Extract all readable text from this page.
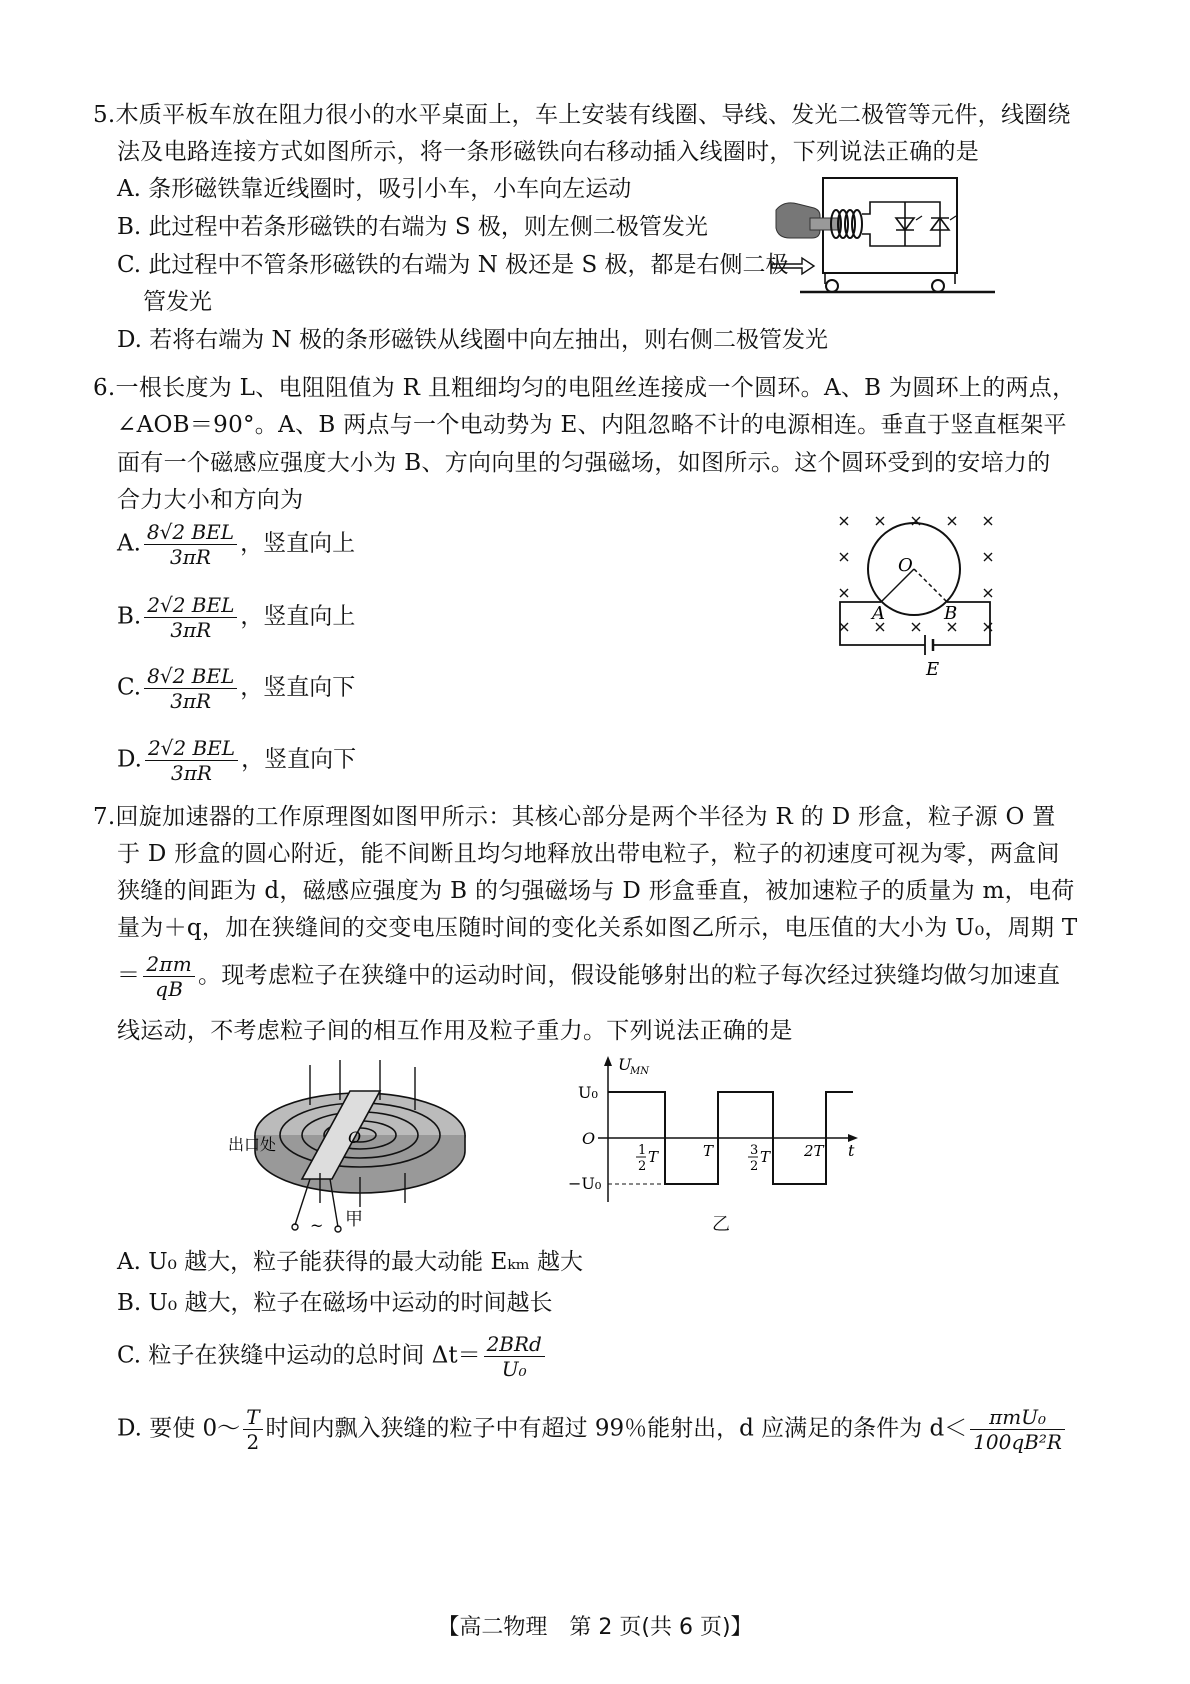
5.木质平板车放在阻力很小的水平桌面上，车上安装有线圈、导线、发光二极管等元件，线圈绕
法及电路连接方式如图所示，将一条形磁铁向右移动插入线圈时，下列说法正确的是
A. 条形磁铁靠近线圈时，吸引小车，小车向左运动
B. 此过程中若条形磁铁的右端为 S 极，则左侧二极管发光
C. 此过程中不管条形磁铁的右端为 N 极还是 S 极，都是右侧二极
管发光
D. 若将右端为 N 极的条形磁铁从线圈中向左抽出，则右侧二极管发光
6.一根长度为 L、电阻阻值为 R 且粗细均匀的电阻丝连接成一个圆环。A、B 为圆环上的两点，
∠AOB＝90°。A、B 两点与一个电动势为 E、内阻忽略不计的电源相连。垂直于竖直框架平
面有一个磁感应强度大小为 B、方向向里的匀强磁场，如图所示。这个圆环受到的安培力的
合力大小和方向为
A. $\frac{\text{8√2 BEL}}{3\pi R}$ ，竖直向上
B. $\frac{\text{2√2 BEL}}{3\pi R}$ ，竖直向上
C. $\frac{\text{8√2 BEL}}{3\pi R}$ ，竖直向下
D. $\frac{\text{2√2 BEL}}{3\pi R}$ ，竖直向下
O
A	B
E
7.回旋加速器的工作原理图如图甲所示：其核心部分是两个半径为 R 的 D 形盒，粒子源 O 置
于 D 形盒的圆心附近，能不间断且均匀地释放出带电粒子，粒子的初速度可视为零，两盒间
狭缝的间距为 d，磁感应强度为 B 的匀强磁场与 D 形盒垂直，被加速粒子的质量为 m，电荷
量为＋q，加在狭缝间的交变电压随时间的变化关系如图乙所示，电压值的大小为 U₀，周期 T
＝ $\frac{2\pi m}{qB}$ 。现考虑粒子在狭缝中的运动时间，假设能够射出的粒子每次经过狭缝均做匀加速直
线运动，不考虑粒子间的相互作用及粒子重力。下列说法正确的是
O
~
出口处
甲
U
MN
U₀
O
−U₀
t
1
2
T	T	3
2
T 2T
乙
A. U₀ 越大，粒子能获得的最大动能 Eₖₘ 越大
B. U₀ 越大，粒子在磁场中运动的时间越长
C. 粒子在狭缝中运动的总时间 $\Delta t= \frac{\text{2BRd}}{\text{U₀}}$
D. 要使 0～ $\frac{T}{2}$ 时间内飘入狭缝的粒子中有超过 99％能射出，d 应满足的条件为 $d< \frac{\text{πmU₀}}{\text{100qB²R}}$
【高二物理　第 2 页(共 6 页)】
